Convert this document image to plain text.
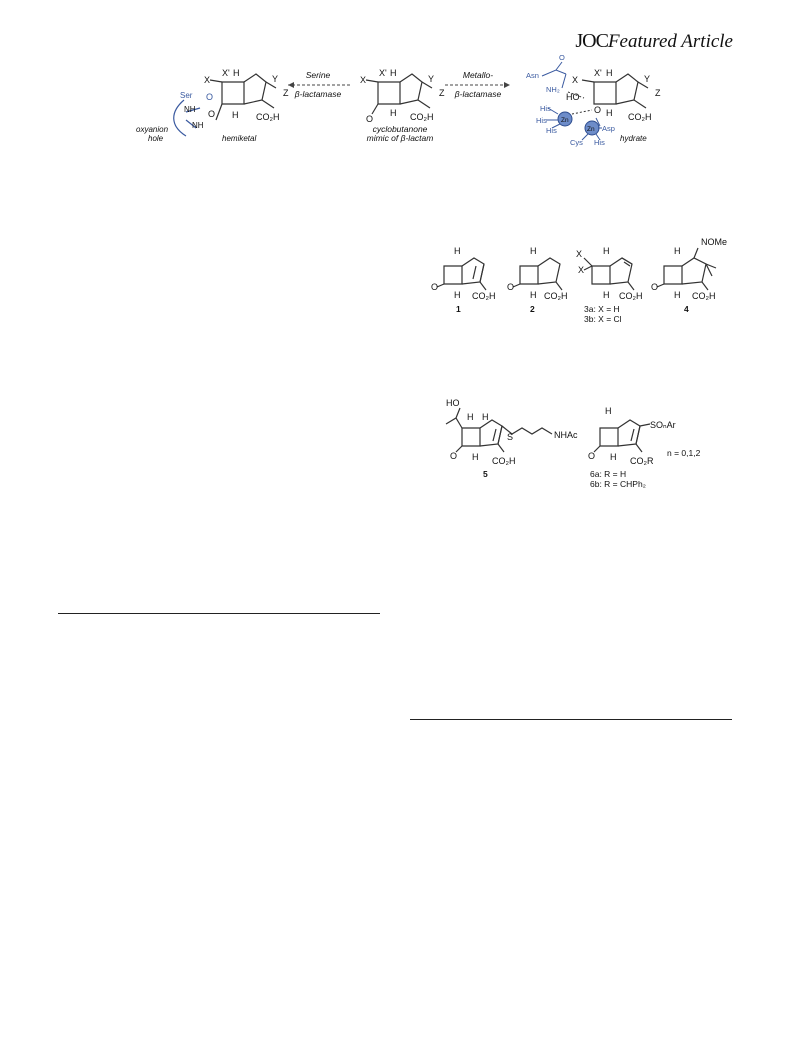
JOCFeatured Article
X
X' H
Y
Z
CO₂H
H
O
O
Ser
NH
NH
oxyanion
hole	hemiketal
Serine
β-lactamase
Metallo-
β-lactamase
cyclobutanone
mimic of β-lactam
X
X' H
Y
Z
O
H CO₂H
X
X' H
Y
Z
CO₂H
HO
O H
hydrate
Asn
O
NH₂
His
His
His
Zn
Zn Asp
Cys His
O
H
H CO₂H
O
H
H CO₂H
X
X
H
H CO₂H
O
H
H CO₂H
NOMe
1	2	4
3a: X = H
3b: X = Cl
HO
H H
O H CO₂H
S	NHAc
H
O H CO₂R
SOₙAr
5	6a: R = H
6b: R = CHPh₂
n = 0,1,2
